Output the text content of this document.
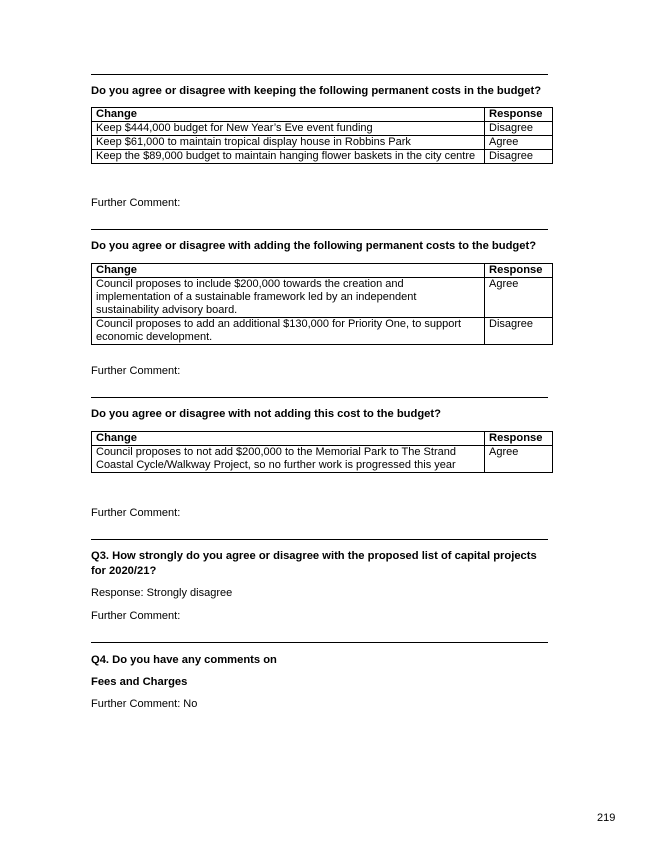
Do you agree or disagree with keeping the following permanent costs in the budget?
Change	Response
Keep $444,000 budget for New Year’s Eve event funding	Disagree
Keep $61,000 to maintain tropical display house in Robbins Park	Agree
Keep the $89,000 budget to maintain hanging flower baskets in the city centre	Disagree
Further Comment:
Do you agree or disagree with adding the following permanent costs to the budget?
Change	Response
Council proposes to include $200,000 towards the creation and implementation of a sustainable framework led by an independent sustainability advisory board.	Agree
Council proposes to add an additional $130,000 for Priority One, to support economic development.	Disagree
Further Comment:
Do you agree or disagree with not adding this cost to the budget?
Change	Response
Council proposes to not add $200,000 to the Memorial Park to The Strand Coastal Cycle/Walkway Project, so no further work is progressed this year	Agree
Further Comment:
Q3. How strongly do you agree or disagree with the proposed list of capital projects
for 2020/21?
Response: Strongly disagree
Further Comment:
Q4. Do you have any comments on
Fees and Charges
Further Comment: No
219
